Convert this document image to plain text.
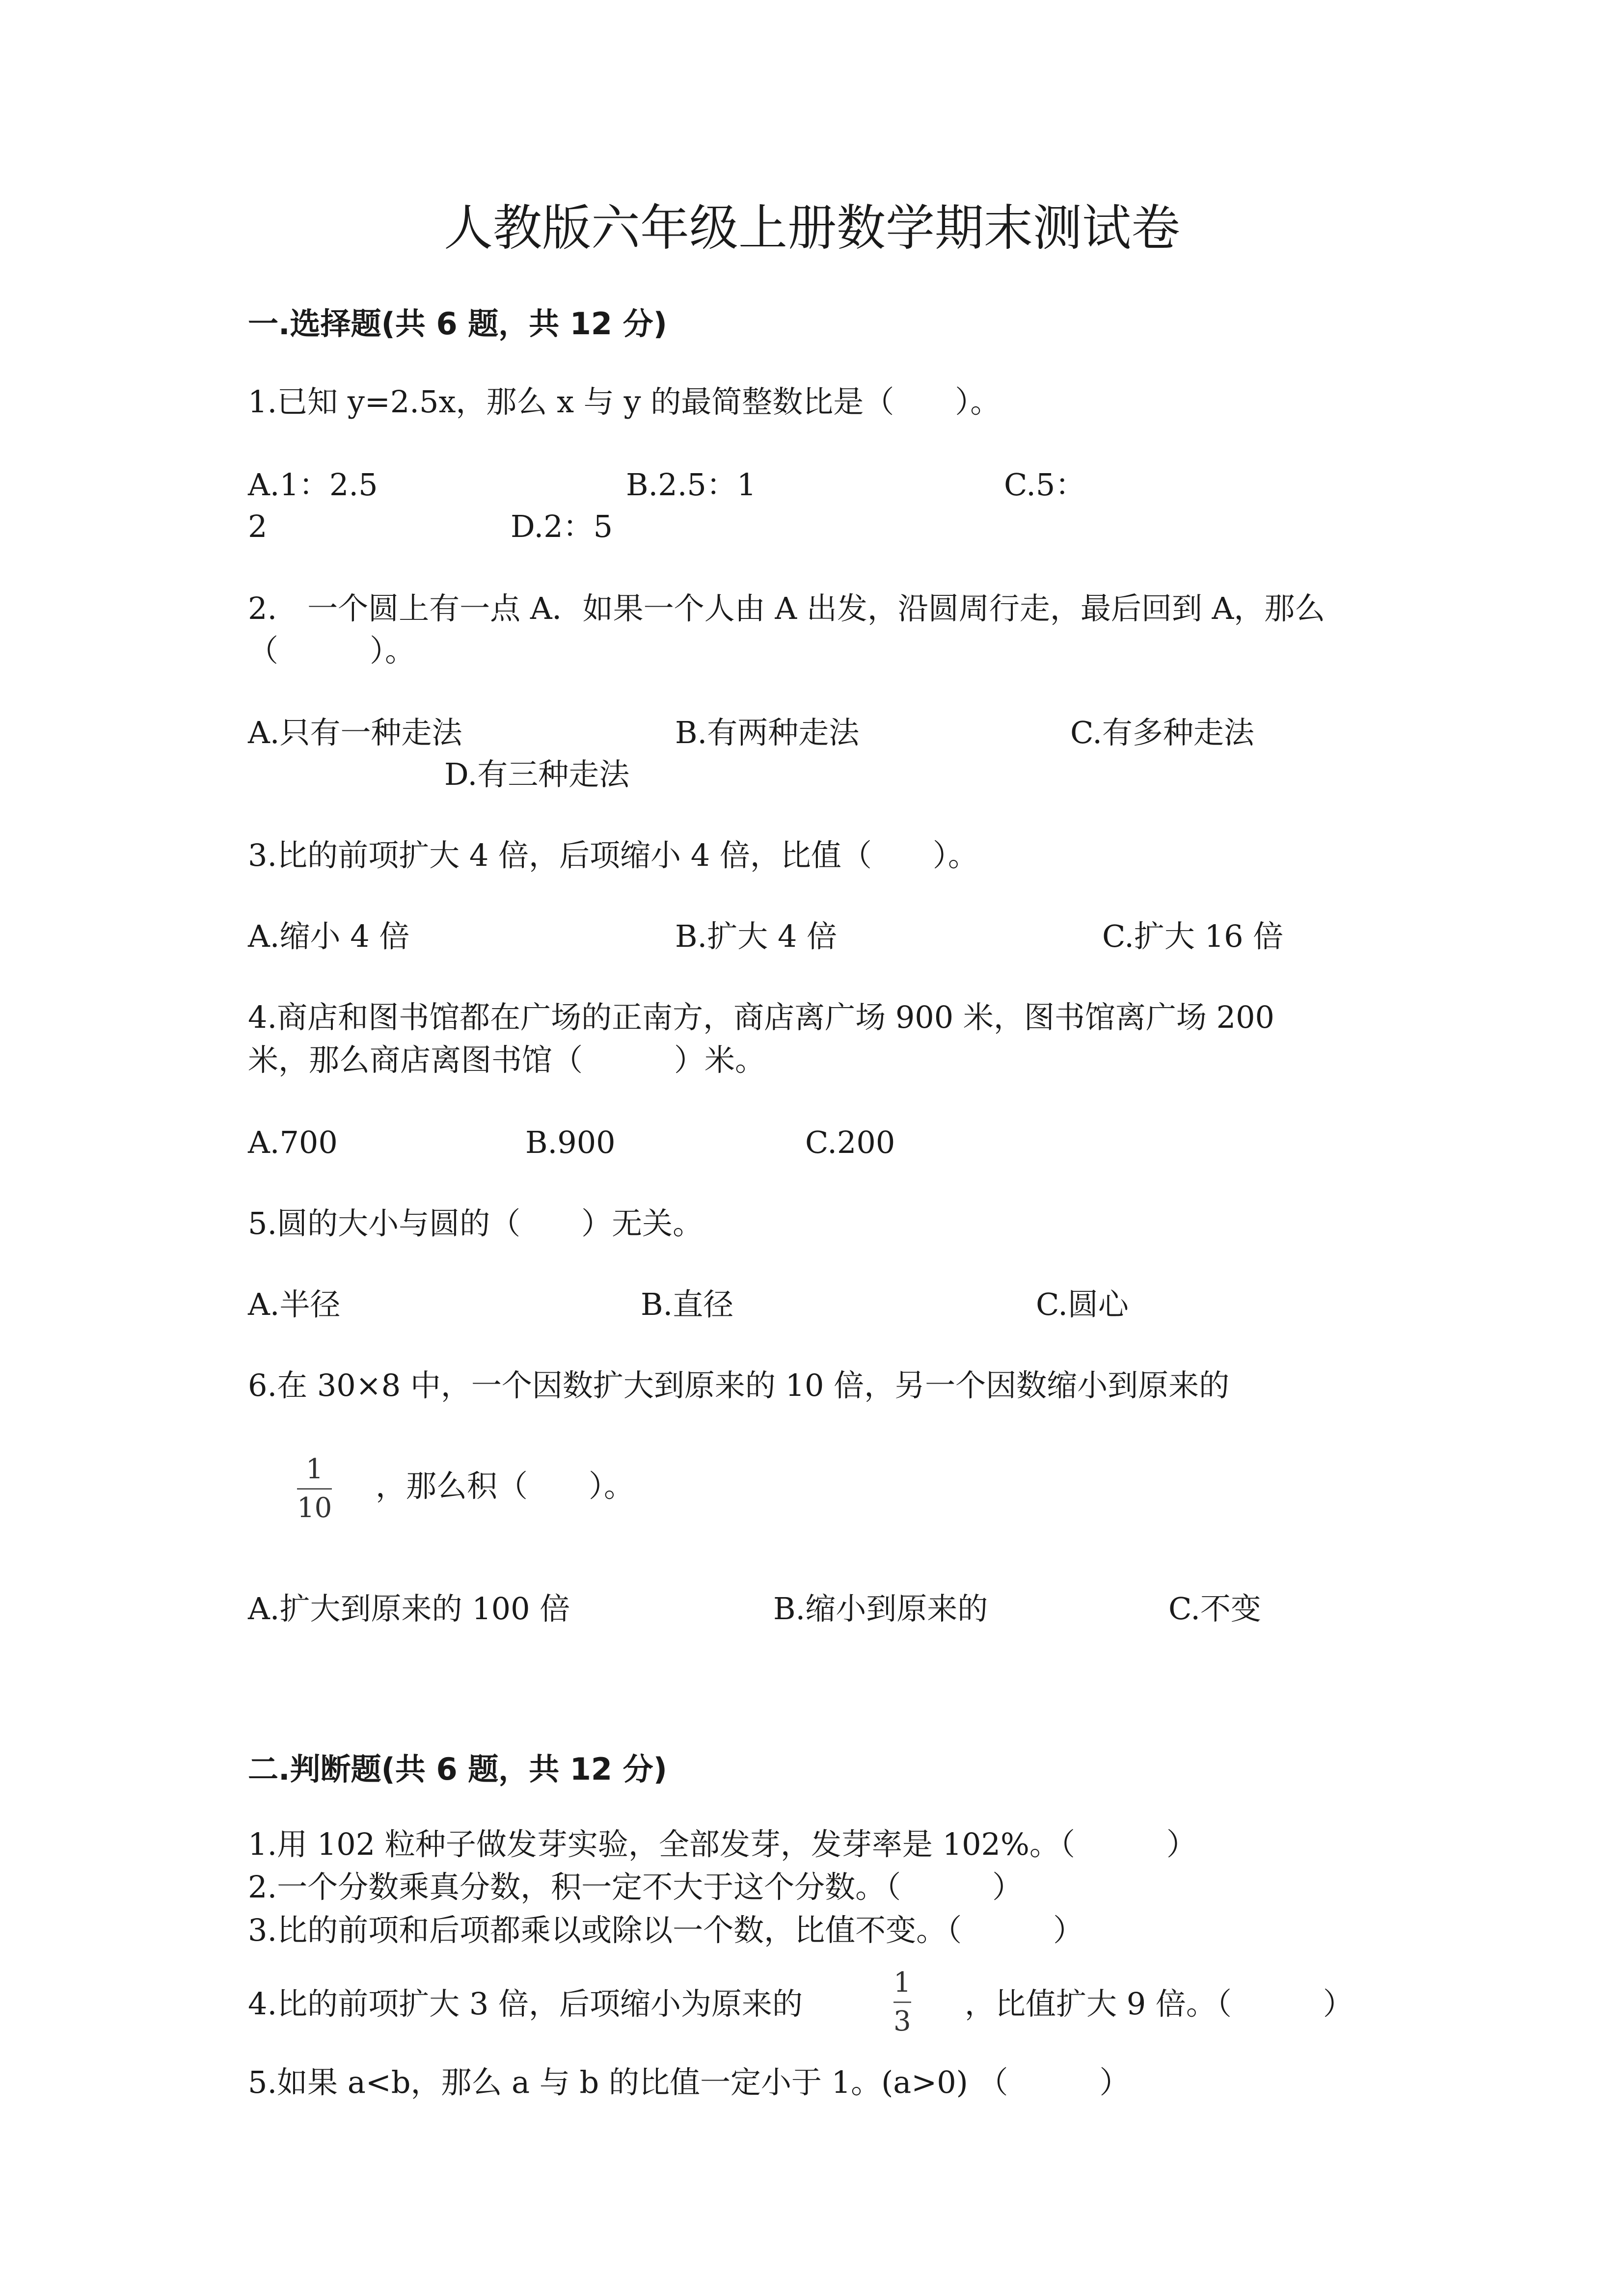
人教版六年级上册数学期末测试卷
一.选择题(共 6 题，共 12 分)
1.已知 y=2.5x，那么 x 与 y 的最简整数比是（　　）。
A.1：2.5	B.2.5：1	C.5：
2	D.2：5
2.　一个圆上有一点 A．如果一个人由 A 出发，沿圆周行走，最后回到 A，那么
（　　　）。
A.只有一种走法	B.有两种走法	C.有多种走法
D.有三种走法
3.比的前项扩大 4 倍，后项缩小 4 倍，比值（　　）。
A.缩小 4 倍	B.扩大 4 倍	C.扩大 16 倍
4.商店和图书馆都在广场的正南方，商店离广场 900 米，图书馆离广场 200
米，那么商店离图书馆（　　　）米。
A.700	B.900	C.200
5.圆的大小与圆的（　　）无关。
A.半径	B.直径	C.圆心
6.在 30×8 中，一个因数扩大到原来的 10 倍，另一个因数缩小到原来的
1
10
，那么积（　　）。
A.扩大到原来的 100 倍	B.缩小到原来的	C.不变
二.判断题(共 6 题，共 12 分)
1.用 102 粒种子做发芽实验，全部发芽，发芽率是 102%。（　　　）
2.一个分数乘真分数，积一定不大于这个分数。（　　　）
3.比的前项和后项都乘以或除以一个数，比值不变。（　　　）
4.比的前项扩大 3 倍，后项缩小为原来的
1
3 ，比值扩大 9 倍。（　　　）
5.如果 a<b，那么 a 与 b 的比值一定小于 1。(a>0) （　　　）
